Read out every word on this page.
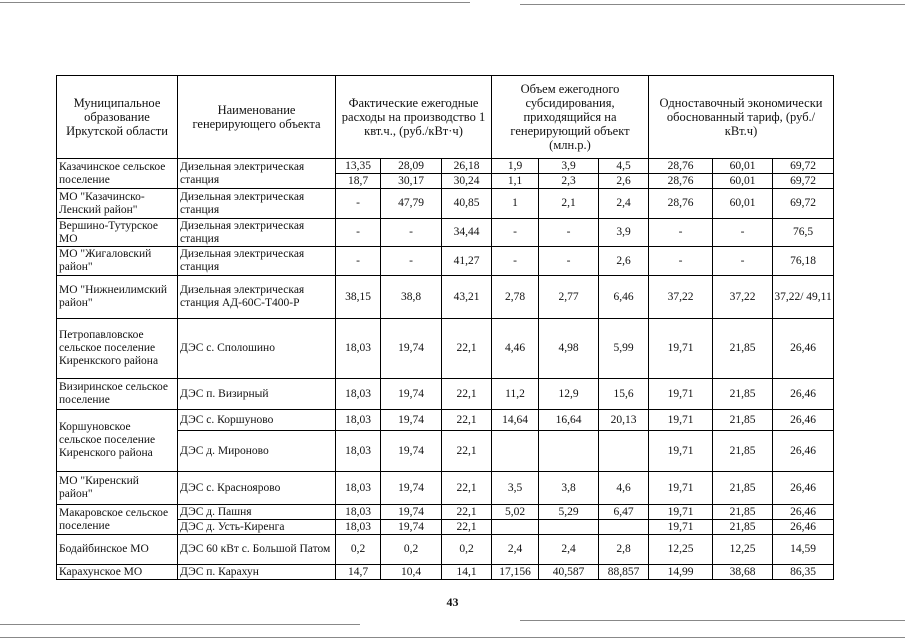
Муниципальное образование Иркутской области	Наименование генерирующего объекта	Фактические ежегодные расходы на производство 1 квт.ч., (руб./кВт·ч)			Объем ежегодного субсидирования, приходящийся на генерирующий объект (млн.р.)			Одноставочный экономически обоснованный тариф, (руб./кВт.ч)		
Казачинское сельское поселение	Дизельная электрическая станция	13,35	28,09	26,18	1,9	3,9	4,5	28,76	60,01	69,72
		18,7	30,17	30,24	1,1	2,3	2,6	28,76	60,01	69,72
МО "Казачинско-Ленский район"	Дизельная электрическая станция	-	47,79	40,85	1	2,1	2,4	28,76	60,01	69,72
Вершино-Тутурское МО	Дизельная электрическая станция	-	-	34,44	-	-	3,9	-	-	76,5
МО "Жигаловский район"	Дизельная электрическая станция	-	-	41,27	-	-	2,6	-	-	76,18
МО "Нижнеилимский район"	Дизельная электрическая станция АД-60С-Т400-Р	38,15	38,8	43,21	2,78	2,77	6,46	37,22	37,22	37,22/ 49,11
Петропавловское сельское поселение Киренкского района	ДЭС с. Сполошино	18,03	19,74	22,1	4,46	4,98	5,99	19,71	21,85	26,46
Визиринское сельское поселение	ДЭС п. Визирный	18,03	19,74	22,1	11,2	12,9	15,6	19,71	21,85	26,46
Коршуновское сельское поселение Киренского района	ДЭС с. Коршуново	18,03	19,74	22,1	14,64	16,64	20,13	19,71	21,85	26,46
	ДЭС д. Мироново	18,03	19,74	22,1				19,71	21,85	26,46
МО "Киренский район"	ДЭС с. Красноярово	18,03	19,74	22,1	3,5	3,8	4,6	19,71	21,85	26,46
Макаровское сельское поселение	ДЭС д. Пашня	18,03	19,74	22,1	5,02	5,29	6,47	19,71	21,85	26,46
	ДЭС д. Усть-Киренга	18,03	19,74	22,1				19,71	21,85	26,46
Бодайбинское МО	ДЭС 60 кВт с. Большой Патом	0,2	0,2	0,2	2,4	2,4	2,8	12,25	12,25	14,59
Карахунское МО	ДЭС п. Карахун	14,7	10,4	14,1	17,156	40,587	88,857	14,99	38,68	86,35
43
